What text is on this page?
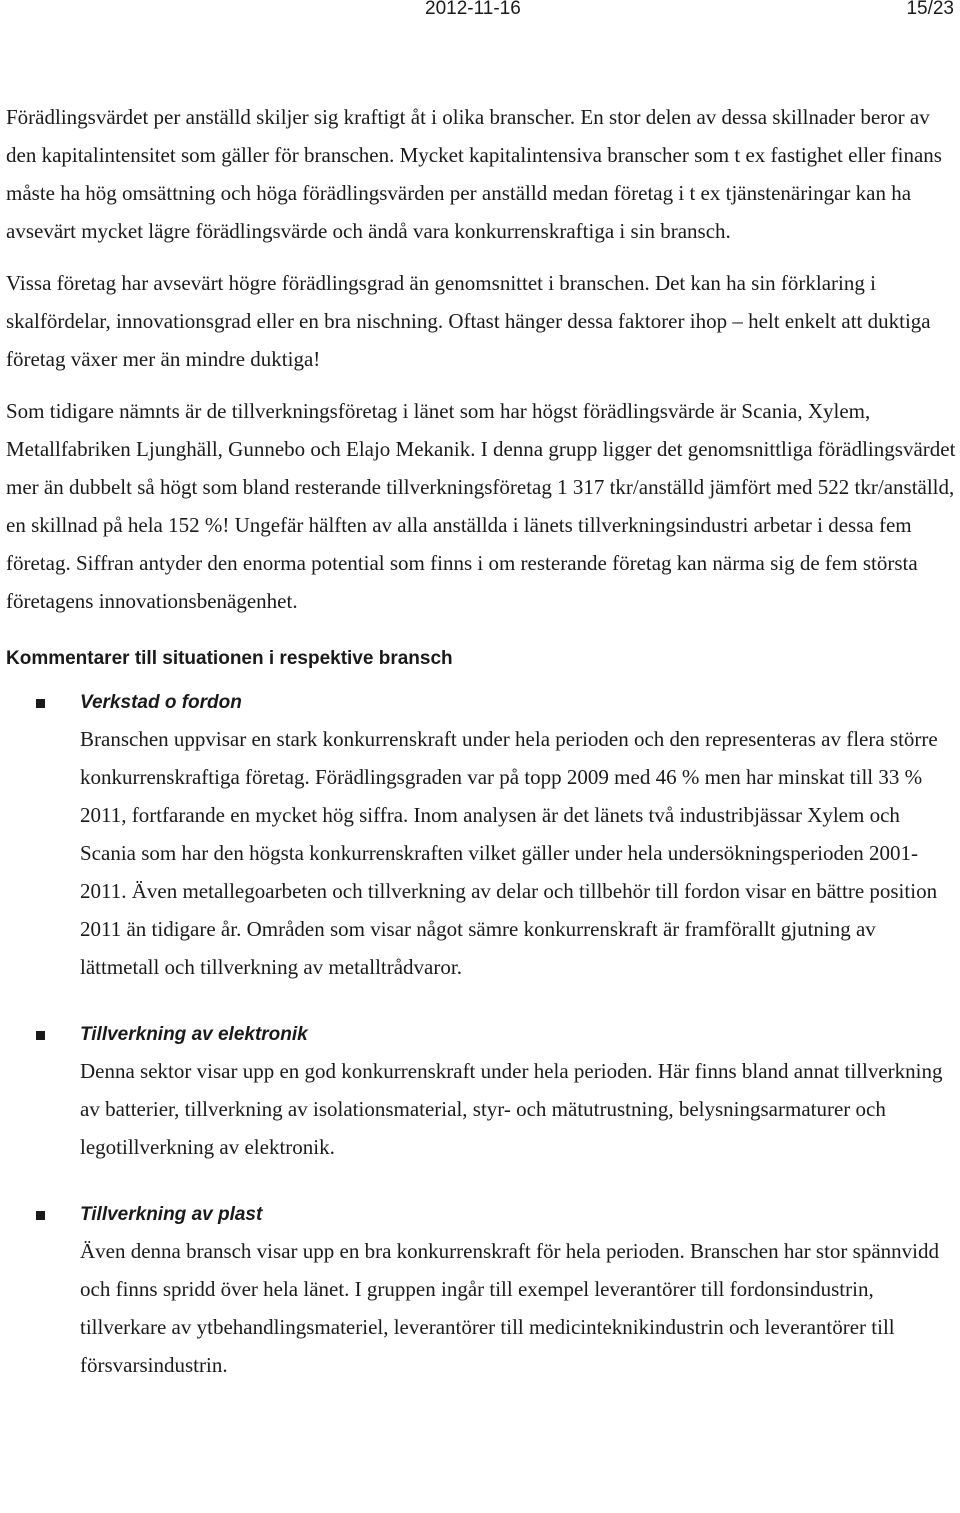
2012-11-16	15/23

Förädlingsvärdet per anställd skiljer sig kraftigt åt i olika branscher. En stor delen av dessa skillnader beror av den kapitalintensitet som gäller för branschen. Mycket kapitalintensiva branscher som t ex fastighet eller finans måste ha hög omsättning och höga förädlingsvärden per anställd medan företag i t ex tjänstenäringar kan ha avsevärt mycket lägre förädlingsvärde och ändå vara konkurrenskraftiga i sin bransch.

Vissa företag har avsevärt högre förädlingsgrad än genomsnittet i branschen. Det kan ha sin förklaring i skalfördelar, innovationsgrad eller en bra nischning. Oftast hänger dessa faktorer ihop – helt enkelt att duktiga företag växer mer än mindre duktiga!

Som tidigare nämnts är de tillverkningsföretag i länet som har högst förädlingsvärde är Scania, Xylem, Metallfabriken Ljunghäll, Gunnebo och Elajo Mekanik. I denna grupp ligger det genomsnittliga förädlingsvärdet mer än dubbelt så högt som bland resterande tillverkningsföretag 1 317 tkr/anställd jämfört med 522 tkr/anställd, en skillnad på hela 152 %! Ungefär hälften av alla anställda i länets tillverkningsindustri arbetar i dessa fem företag. Siffran antyder den enorma potential som finns i om resterande företag kan närma sig de fem största företagens innovationsbenägenhet.

Kommentarer till situationen i respektive bransch
Verkstad o fordon

Branschen uppvisar en stark konkurrenskraft under hela perioden och den representeras av flera större konkurrenskraftiga företag. Förädlingsgraden var på topp 2009 med 46 % men har minskat till 33 % 2011, fortfarande en mycket hög siffra. Inom analysen är det länets två industribjässar Xylem och Scania som har den högsta konkurrenskraften vilket gäller under hela undersökningsperioden 2001-2011. Även metallegoarbeten och tillverkning av delar och tillbehör till fordon visar en bättre position 2011 än tidigare år. Områden som visar något sämre konkurrenskraft är framförallt gjutning av lättmetall och tillverkning av metalltrådvaror.

Tillverkning av elektronik

Denna sektor visar upp en god konkurrenskraft under hela perioden. Här finns bland annat tillverkning av batterier, tillverkning av isolationsmaterial, styr- och mätutrustning, belysningsarmaturer och legotillverkning av elektronik.

Tillverkning av plast

Även denna bransch visar upp en bra konkurrenskraft för hela perioden. Branschen har stor spännvidd och finns spridd över hela länet. I gruppen ingår till exempel leverantörer till fordonsindustrin, tillverkare av ytbehandlingsmateriel, leverantörer till medicinteknikindustrin och leverantörer till försvarsindustrin.
